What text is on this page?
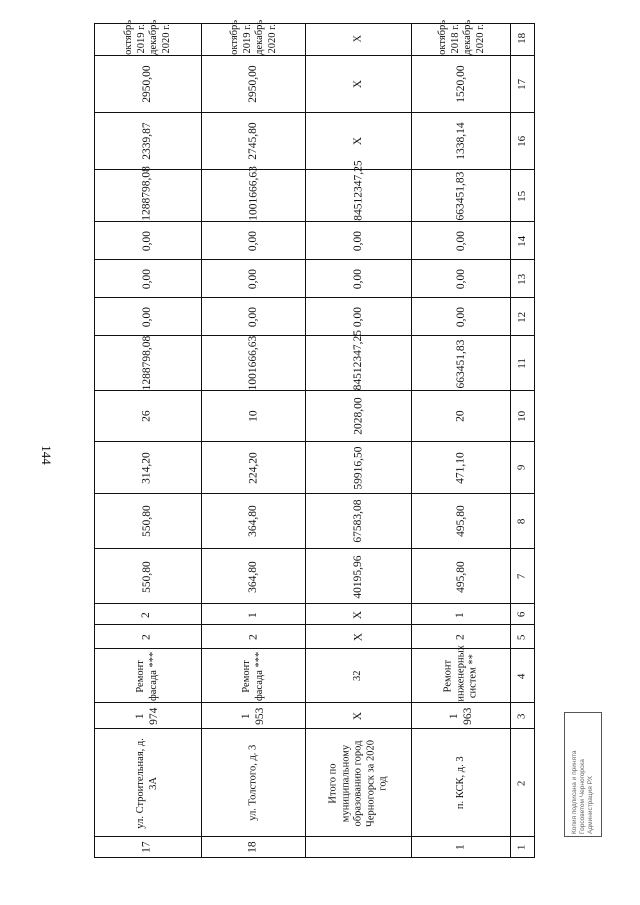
144
1
2
3
4
5
6
7
8
9
10
11
12
13
14
15
16
17
18
1
п. КСК, д. 3
1 963
Ремонт инженерных систем **
2
1
495,80
495,80
471,10
20
663451,83
0,00
0,00
0,00
663451,83
1338,14
1520,00
октябрь 2018 г. декабрь 2020 г.
Итого по муниципальному образованию город Черногорск за 2020 год
X
32
X
X
40195,96
67583,08
59916,50
2028,00
84512347,25
0,00
0,00
0,00
84512347,25
X
X
X
18
ул. Толстого, д. 3
1 953
Ремонт фасада ***
2
1
364,80
364,80
224,20
10
1001666,63
0,00
0,00
0,00
1001666,63
2745,80
2950,00
октябрь 2019 г. декабрь 2020 г.
17
ул. Строительная, д. 3А
1 974
Ремонт фасада ***
2
2
550,80
550,80
314,20
26
1288798,08
0,00
0,00
0,00
1288798,08
2339,87
2950,00
октябрь 2019 г. декабрь 2020 г.
Копия подписана и принята Горсоветом Черногорска Администрация РХ
